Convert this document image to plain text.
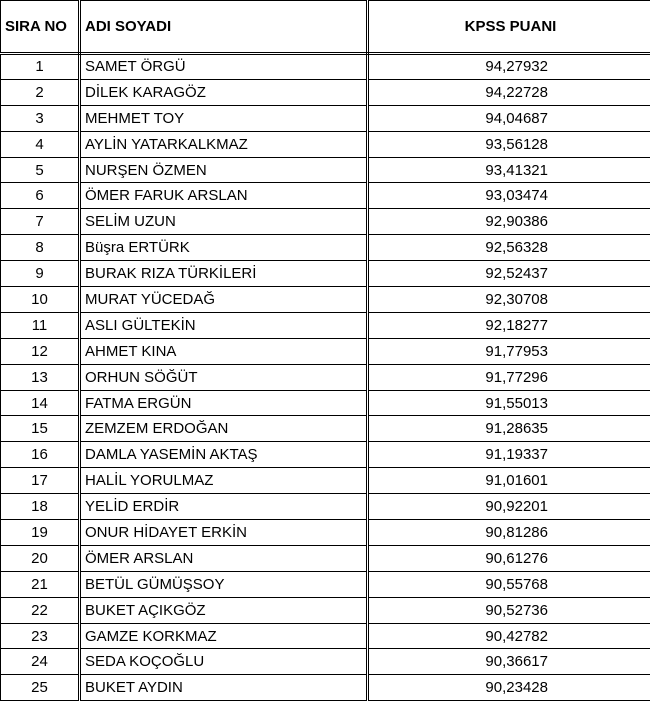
SIRA NO	ADI SOYADI	KPSS PUANI
1	SAMET ÖRGÜ	94,27932
2	DİLEK KARAGÖZ	94,22728
3	MEHMET TOY	94,04687
4	AYLİN YATARKALKMAZ	93,56128
5	NURŞEN ÖZMEN	93,41321
6	ÖMER FARUK ARSLAN	93,03474
7	SELİM UZUN	92,90386
8	Büşra ERTÜRK	92,56328
9	BURAK RIZA TÜRKİLERİ	92,52437
10	MURAT YÜCEDAĞ	92,30708
11	ASLI GÜLTEKİN	92,18277
12	AHMET KINA	91,77953
13	ORHUN SÖĞÜT	91,77296
14	FATMA ERGÜN	91,55013
15	ZEMZEM ERDOĞAN	91,28635
16	DAMLA YASEMİN AKTAŞ	91,19337
17	HALİL YORULMAZ	91,01601
18	YELİD ERDİR	90,92201
19	ONUR HİDAYET ERKİN	90,81286
20	ÖMER ARSLAN	90,61276
21	BETÜL GÜMÜŞSOY	90,55768
22	BUKET AÇIKGÖZ	90,52736
23	GAMZE KORKMAZ	90,42782
24	SEDA KOÇOĞLU	90,36617
25	BUKET AYDIN	90,23428
